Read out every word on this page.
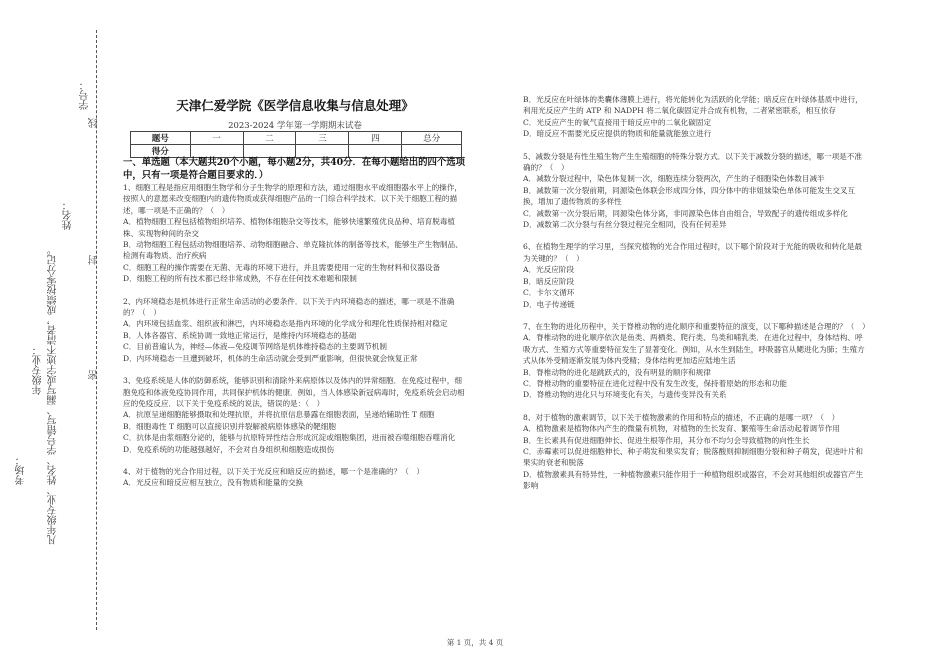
考场：
年级专业： 凡年级专业、姓名、学号错写、漏写或字迹不清者，成绩按零分记。
姓名：
学号：
线
封
密
天津仁爱学院《医学信息收集与信息处理》
2023-2024 学年第一学期期末试卷
题号	一	二	三	四	总分
得分					
一、单选题（本大题共20个小题，每小题2分，共40分．在每小题给出的四个选项中，只有一项是符合题目要求的．）

1、细胞工程是指应用细胞生物学和分子生物学的原理和方法，通过细胞水平或细胞器水平上的操作，按照人的意愿来改变细胞内的遗传物质或获得细胞产品的一门综合科学技术．以下关于细胞工程的描述，哪一项是不正确的？（　）

A．植物细胞工程包括植物组织培养、植物体细胞杂交等技术，能够快速繁殖优良品种、培育脱毒植株、实现物种间的杂交

B．动物细胞工程包括动物细胞培养、动物细胞融合、单克隆抗体的制备等技术，能够生产生物制品、检测有毒物质、治疗疾病

C．细胞工程的操作需要在无菌、无毒的环境下进行，并且需要使用一定的生物材料和仪器设备

D．细胞工程的所有技术都已经非常成熟，不存在任何技术难题和限制

2、内环境稳态是机体进行正常生命活动的必要条件．以下关于内环境稳态的描述，哪一项是不准确的？（　）

A．内环境包括血浆、组织液和淋巴，内环境稳态是指内环境的化学成分和理化性质保持相对稳定

B．人体各器官、系统协调一致地正常运行，是维持内环境稳态的基础

C．目前普遍认为，神经—体液—免疫调节网络是机体维持稳态的主要调节机制

D．内环境稳态一旦遭到破坏，机体的生命活动就会受到严重影响，但很快就会恢复正常

3、免疫系统是人体的防御系统，能够识别和清除外来病原体以及体内的异常细胞．在免疫过程中，细胞免疫和体液免疫协同作用，共同保护机体的健康．例如，当人体感染新冠病毒时，免疫系统会启动相应的免疫反应．以下关于免疫系统的说法，错误的是：（　）

A．抗原呈递细胞能够摄取和处理抗原，并将抗原信息暴露在细胞表面，呈递给辅助性 T 细胞

B．细胞毒性 T 细胞可以直接识别并裂解被病原体感染的靶细胞

C．抗体是由浆细胞分泌的，能够与抗原特异性结合形成沉淀或细胞集团，进而被吞噬细胞吞噬消化

D．免疫系统的功能越强越好，不会对自身组织和细胞造成损伤

4、对于植物的光合作用过程，以下关于光反应和暗反应的描述，哪一个是准确的？（　）

A．光反应和暗反应相互独立，没有物质和能量的交换

B．光反应在叶绿体的类囊体薄膜上进行，将光能转化为活跃的化学能；暗反应在叶绿体基质中进行，利用光反应产生的 ATP 和 NADPH 将二氧化碳固定并合成有机物，二者紧密联系，相互依存

C．光反应产生的氧气直接用于暗反应中的二氧化碳固定

D．暗反应不需要光反应提供的物质和能量就能独立进行

5、减数分裂是有性生殖生物产生生殖细胞的特殊分裂方式．以下关于减数分裂的描述，哪一项是不准确的？（　）

A．减数分裂过程中，染色体复制一次，细胞连续分裂两次，产生的子细胞染色体数目减半

B．减数第一次分裂前期，同源染色体联会形成四分体，四分体中的非姐妹染色单体可能发生交叉互换，增加了遗传物质的多样性

C．减数第一次分裂后期，同源染色体分离，非同源染色体自由组合，导致配子的遗传组成多样化

D．减数第二次分裂与有丝分裂过程完全相同，没有任何差异

6、在植物生理学的学习里，当探究植物的光合作用过程时，以下哪个阶段对于光能的吸收和转化是最为关键的？（　）

A．光反应阶段

B．暗反应阶段

C．卡尔文循环

D．电子传递链

7、在生物的进化历程中，关于脊椎动物的进化顺序和重要特征的演变，以下哪种描述是合理的？（　）

A．脊椎动物的进化顺序依次是鱼类、两栖类、爬行类、鸟类和哺乳类．在进化过程中，身体结构、呼吸方式、生殖方式等重要特征发生了显著变化．例如，从水生到陆生，呼吸器官从鳃进化为肺；生殖方式从体外受精逐渐发展为体内受精；身体结构更加适应陆地生活

B．脊椎动物的进化是跳跃式的，没有明显的顺序和规律

C．脊椎动物的重要特征在进化过程中没有发生改变，保持着原始的形态和功能

D．脊椎动物的进化只与环境变化有关，与遗传变异没有关系

8、对于植物的激素调节，以下关于植物激素的作用和特点的描述，不正确的是哪一项？（　）

A．植物激素是植物体内产生的微量有机物，对植物的生长发育、繁殖等生命活动起着调节作用

B．生长素具有促进细胞伸长、促进生根等作用，其分布不均匀会导致植物的向性生长

C．赤霉素可以促进细胞伸长、种子萌发和果实发育；脱落酸则抑制细胞分裂和种子萌发，促进叶片和果实的衰老和脱落

D．植物激素具有特异性，一种植物激素只能作用于一种植物组织或器官，不会对其他组织或器官产生影响

第 1 页，共 4 页
